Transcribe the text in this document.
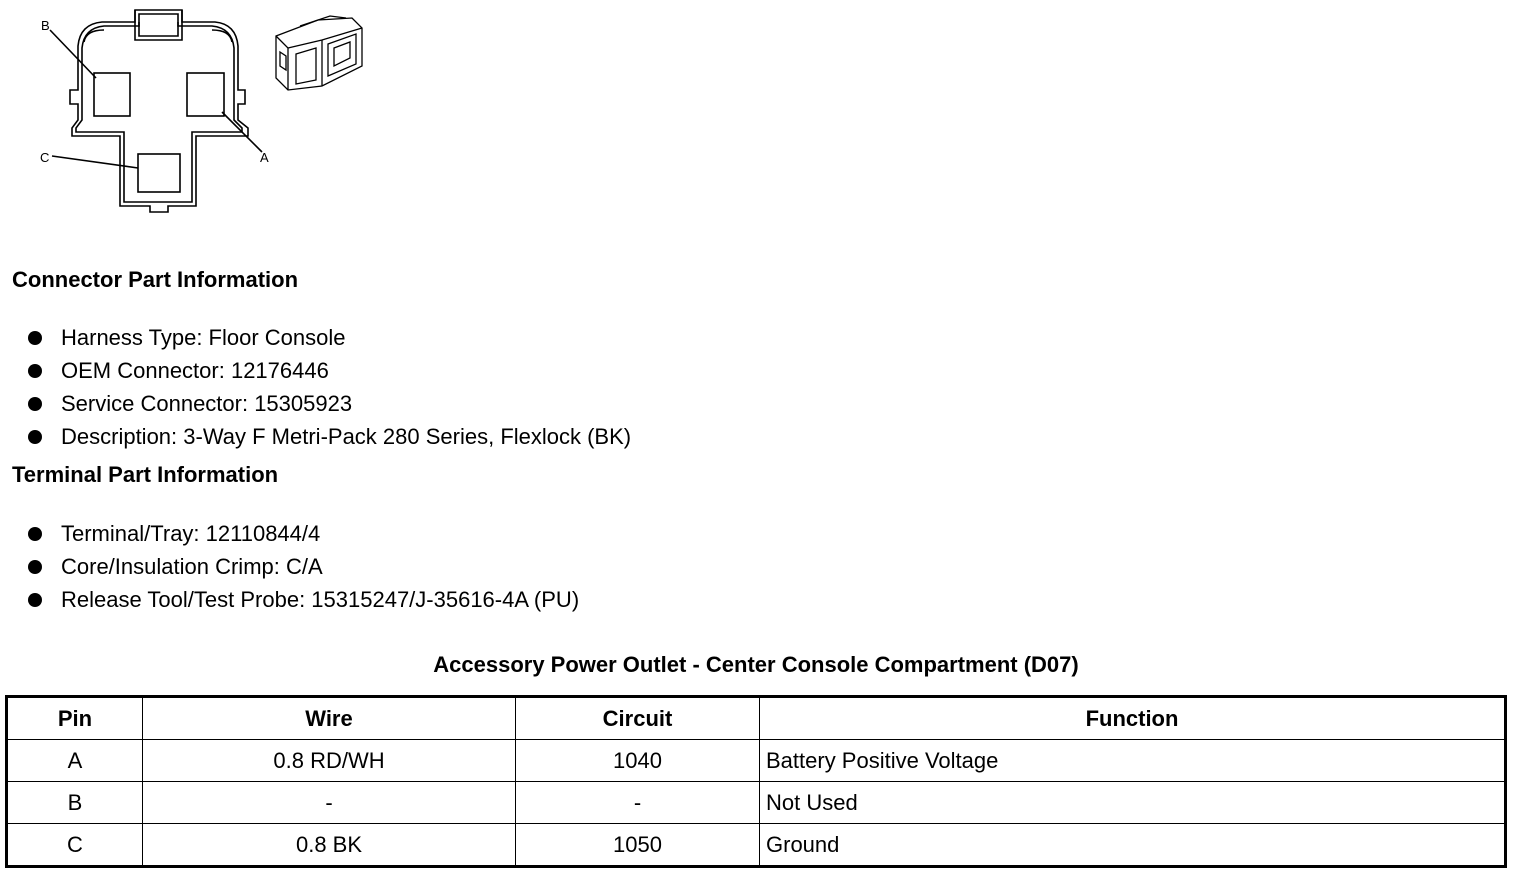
B
A
C
Connector Part Information
Harness Type: Floor Console
OEM Connector: 12176446
Service Connector: 15305923
Description: 3-Way F Metri-Pack 280 Series, Flexlock (BK)
Terminal Part Information
Terminal/Tray: 12110844/4
Core/Insulation Crimp: C/A
Release Tool/Test Probe: 15315247/J-35616-4A (PU)
Accessory Power Outlet - Center Console Compartment (D07)
Pin	Wire	Circuit	Function
A	0.8 RD/WH	1040	Battery Positive Voltage
B	-	-	Not Used
C	0.8 BK	1050	Ground
